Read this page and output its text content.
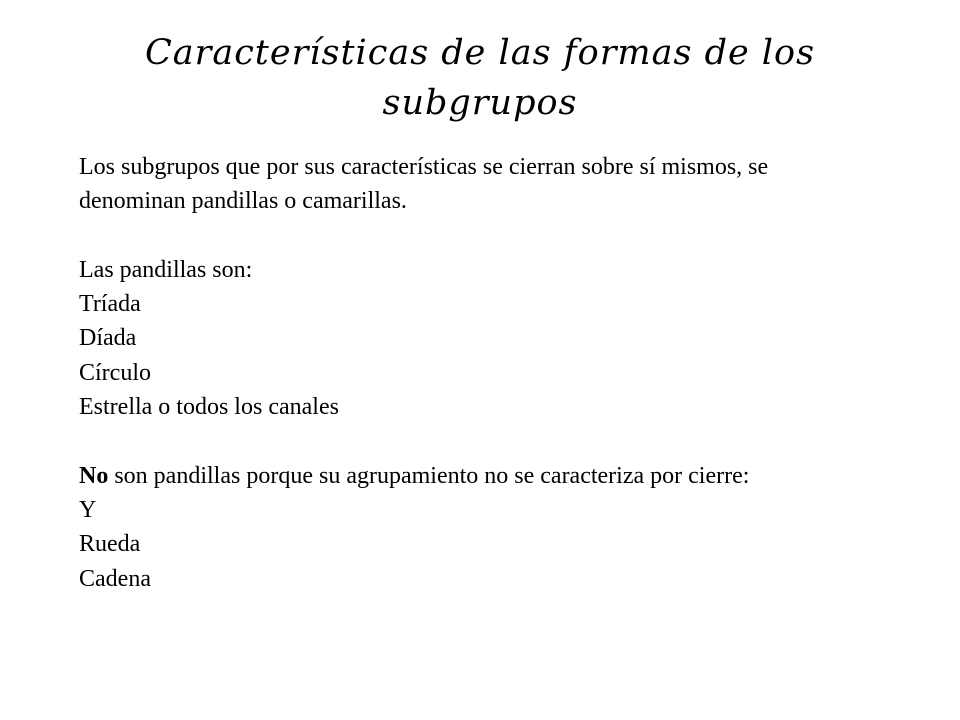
Características de las formas de los subgrupos

Los subgrupos que por sus características se cierran sobre sí mismos, se denominan pandillas o camarillas.

Las pandillas son:

Tríada
Díada
Círculo
Estrella o todos los canales

No son pandillas porque su agrupamiento no se caracteriza por cierre:

Y
Rueda
Cadena
